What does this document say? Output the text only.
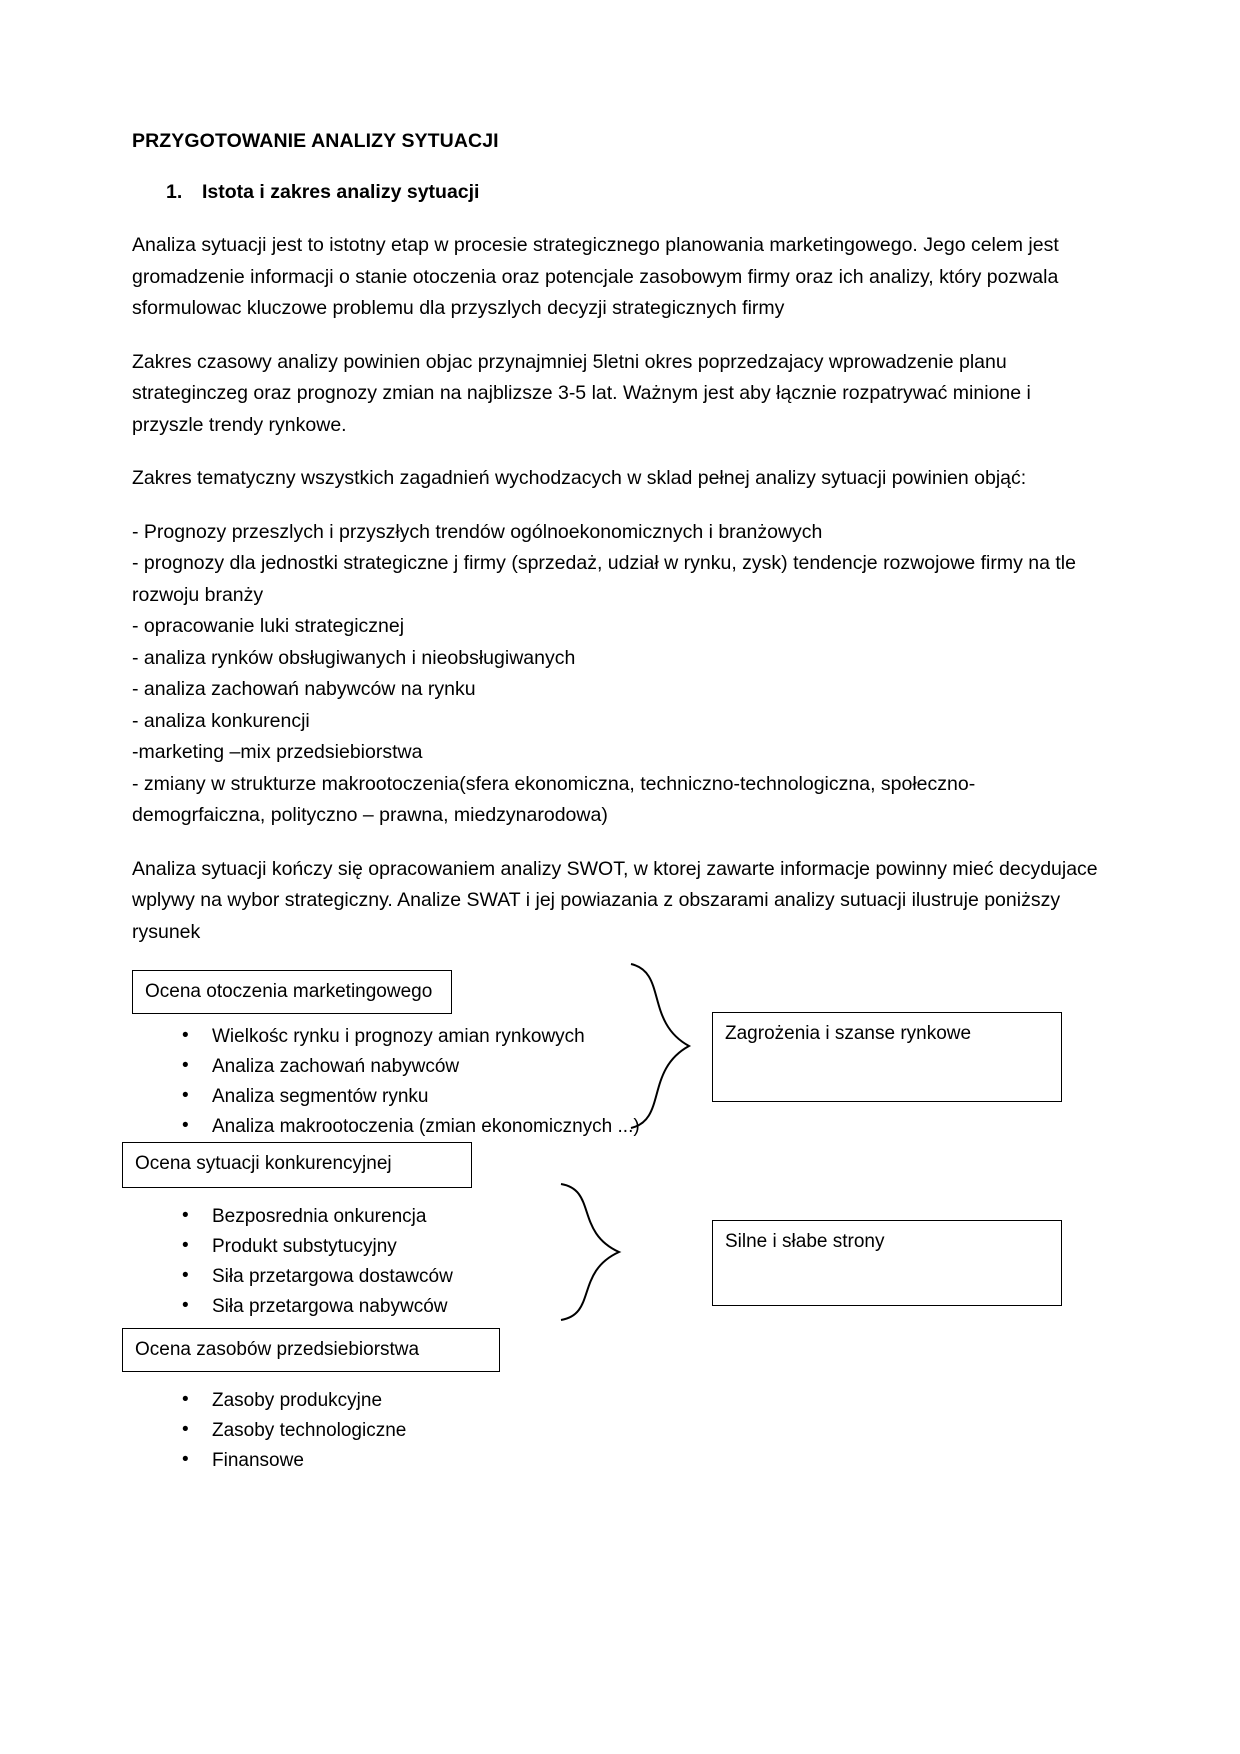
PRZYGOTOWANIE ANALIZY SYTUACJI
1. Istota i zakres analizy sytuacji

Analiza sytuacji jest to istotny etap w procesie strategicznego planowania marketingowego. Jego celem jest gromadzenie informacji o stanie otoczenia oraz potencjale zasobowym firmy oraz ich analizy, który pozwala sformulowac kluczowe problemu dla przyszlych decyzji strategicznych firmy

Zakres czasowy analizy powinien objac przynajmniej 5letni okres poprzedzajacy wprowadzenie planu strateginczeg oraz prognozy zmian na najblizsze 3-5 lat. Ważnym jest aby łącznie rozpatrywać minione i przyszle trendy rynkowe.

Zakres tematyczny wszystkich zagadnień wychodzacych w sklad pełnej analizy sytuacji powinien objąć:

- Prognozy przeszlych i przyszłych trendów ogólnoekonomicznych i branżowych
- prognozy dla jednostki strategiczne j firmy (sprzedaż, udział w rynku, zysk) tendencje rozwojowe firmy na tle rozwoju branży
- opracowanie luki strategicznej
- analiza rynków obsługiwanych i nieobsługiwanych
- analiza zachowań nabywców na rynku
- analiza konkurencji
-marketing –mix przedsiebiorstwa
- zmiany w strukturze makrootoczenia(sfera ekonomiczna, techniczno-technologiczna, społeczno-demogrfaiczna, polityczno – prawna, miedzynarodowa)

Analiza sytuacji kończy się opracowaniem analizy SWOT, w ktorej zawarte informacje powinny mieć decydujace wplywy na wybor strategiczny. Analize SWAT i jej powiazania z obszarami analizy sutuacji ilustruje poniższy rysunek

Ocena otoczenia marketingowego
• Wielkośc rynku i prognozy amian rynkowych
• Analiza zachowań nabywców
• Analiza segmentów rynku
• Analiza makrootoczenia (zmian ekonomicznych ...)
Zagrożenia i szanse rynkowe
Ocena sytuacji konkurencyjnej
• Bezposrednia onkurencja
• Produkt substytucyjny
• Siła przetargowa dostawców
• Siła przetargowa nabywców
Silne i słabe strony
Ocena zasobów przedsiebiorstwa
• Zasoby produkcyjne
• Zasoby technologiczne
• Finansowe
